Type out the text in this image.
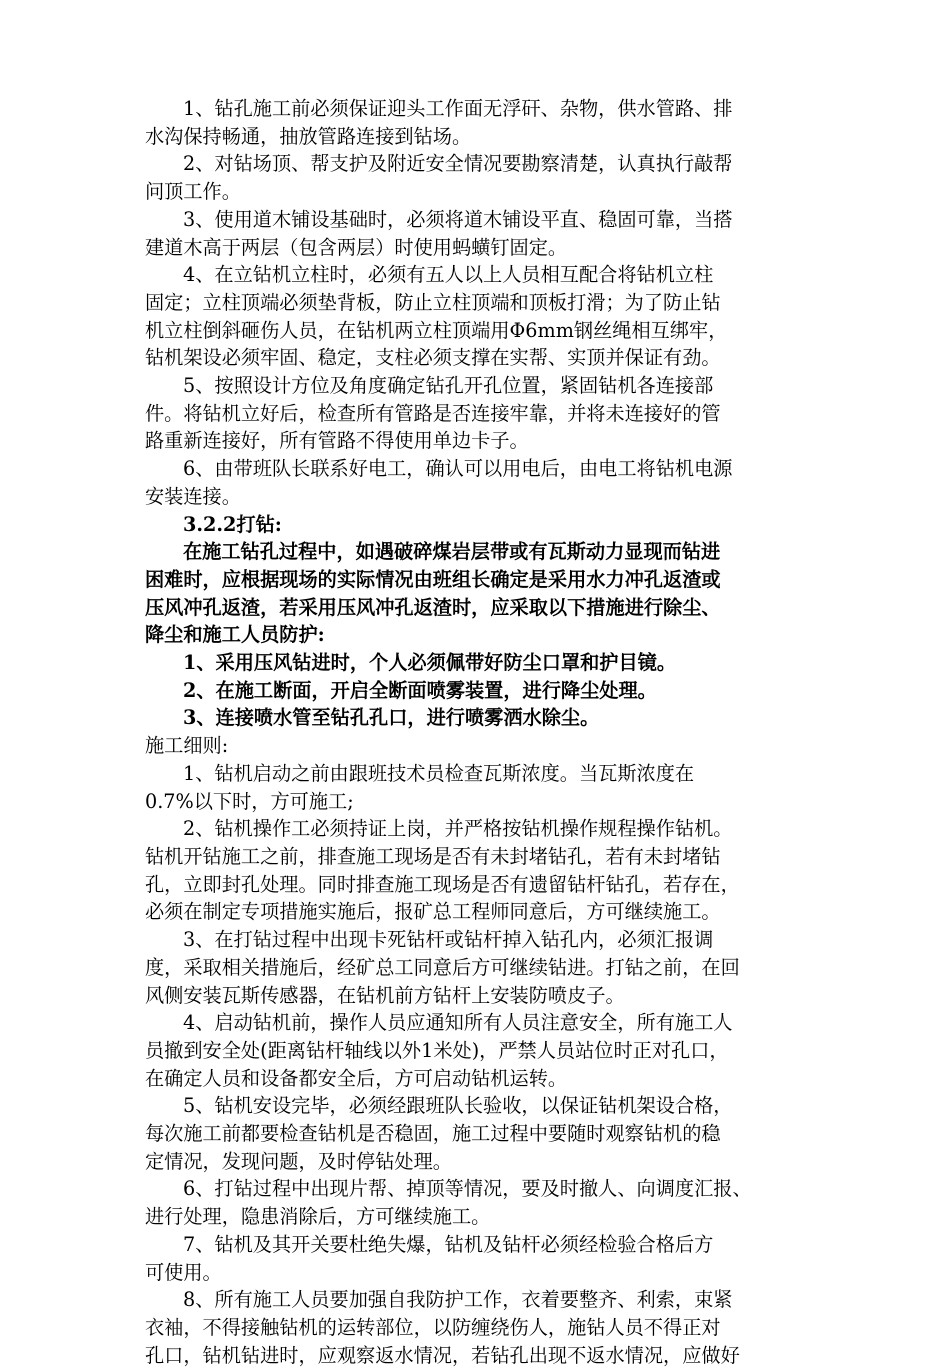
1、钻孔施工前必须保证迎头工作面无浮矸、杂物，供水管路、排
水沟保持畅通，抽放管路连接到钻场。
2、对钻场顶、帮支护及附近安全情况要勘察清楚，认真执行敲帮
问顶工作。
3、使用道木铺设基础时，必须将道木铺设平直、稳固可靠，当搭
建道木高于两层（包含两层）时使用蚂蟥钉固定。
4、在立钻机立柱时，必须有五人以上人员相互配合将钻机立柱
固定；立柱顶端必须垫背板，防止立柱顶端和顶板打滑；为了防止钻
机立柱倒斜砸伤人员，在钻机两立柱顶端用Φ6mm钢丝绳相互绑牢，
钻机架设必须牢固、稳定，支柱必须支撑在实帮、实顶并保证有劲。
5、按照设计方位及角度确定钻孔开孔位置，紧固钻机各连接部
件。将钻机立好后，检查所有管路是否连接牢靠，并将未连接好的管
路重新连接好，所有管路不得使用单边卡子。
6、由带班队长联系好电工，确认可以用电后，由电工将钻机电源
安装连接。
3.2.2打钻:
在施工钻孔过程中，如遇破碎煤岩层带或有瓦斯动力显现而钻进
困难时，应根据现场的实际情况由班组长确定是采用水力冲孔返渣或
压风冲孔返渣，若采用压风冲孔返渣时，应采取以下措施进行除尘、
降尘和施工人员防护:
1、采用压风钻进时，个人必须佩带好防尘口罩和护目镜。
2、在施工断面，开启全断面喷雾装置，进行降尘处理。
3、连接喷水管至钻孔孔口，进行喷雾洒水除尘。
施工细则:
1、钻机启动之前由跟班技术员检查瓦斯浓度。当瓦斯浓度在
0.7%以下时，方可施工;
2、钻机操作工必须持证上岗，并严格按钻机操作规程操作钻机。
钻机开钻施工之前，排查施工现场是否有未封堵钻孔，若有未封堵钻
孔，立即封孔处理。同时排查施工现场是否有遗留钻杆钻孔，若存在，
必须在制定专项措施实施后，报矿总工程师同意后，方可继续施工。
3、在打钻过程中出现卡死钻杆或钻杆掉入钻孔内，必须汇报调
度，采取相关措施后，经矿总工同意后方可继续钻进。打钻之前，在回
风侧安装瓦斯传感器，在钻机前方钻杆上安装防喷皮子。
4、启动钻机前，操作人员应通知所有人员注意安全，所有施工人
员撤到安全处(距离钻杆轴线以外1米处)，严禁人员站位时正对孔口，
在确定人员和设备都安全后，方可启动钻机运转。
5、钻机安设完毕，必须经跟班队长验收，以保证钻机架设合格，
每次施工前都要检查钻机是否稳固，施工过程中要随时观察钻机的稳
定情况，发现问题，及时停钻处理。
6、打钻过程中出现片帮、掉顶等情况，要及时撤人、向调度汇报、
进行处理，隐患消除后，方可继续施工。
7、钻机及其开关要杜绝失爆，钻机及钻杆必须经检验合格后方
可使用。
8、所有施工人员要加强自我防护工作，衣着要整齐、利索，束紧
衣袖，不得接触钻机的运转部位，以防缠绕伤人，施钻人员不得正对
孔口，钻机钻进时，应观察返水情况，若钻孔出现不返水情况，应做好
